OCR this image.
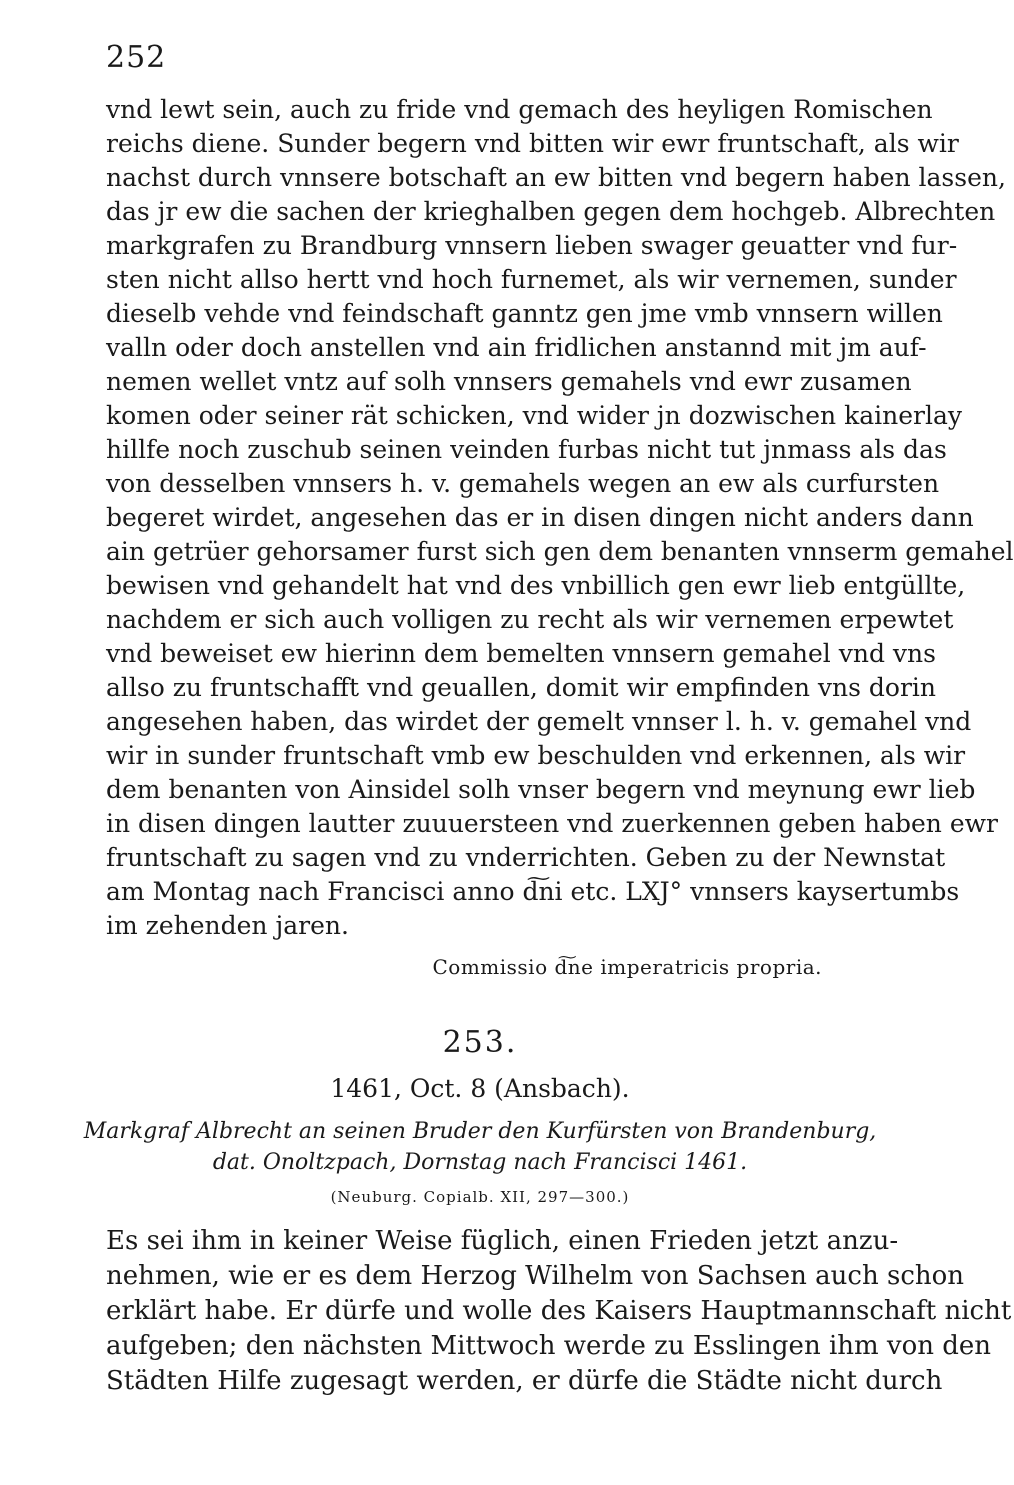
252
vnd lewt sein, auch zu fride vnd gemach des heyligen Romischen
reichs diene. Sunder begern vnd bitten wir ewr fruntschaft, als wir
nachst durch vnnsere botschaft an ew bitten vnd begern haben lassen,
das jr ew die sachen der krieghalben gegen dem hochgeb. Albrechten
markgrafen zu Brandburg vnnsern lieben swager geuatter vnd fur-
sten nicht allso hertt vnd hoch furnemet, als wir vernemen, sunder
dieselb vehde vnd feindschaft ganntz gen jme vmb vnnsern willen
valln oder doch anstellen vnd ain fridlichen anstannd mit jm auf-
nemen wellet vntz auf solh vnnsers gemahels vnd ewr zusamen
komen oder seiner rät schicken, vnd wider jn dozwischen kainerlay
hillfe noch zuschub seinen veinden furbas nicht tut jnmass als das
von desselben vnnsers h. v. gemahels wegen an ew als curfursten
begeret wirdet, angesehen das er in disen dingen nicht anders dann
ain getrüer gehorsamer furst sich gen dem benanten vnnserm gemahel
bewisen vnd gehandelt hat vnd des vnbillich gen ewr lieb entgüllte,
nachdem er sich auch volligen zu recht als wir vernemen erpewtet
vnd beweiset ew hierinn dem bemelten vnnsern gemahel vnd vns
allso zu fruntschafft vnd geuallen, domit wir empfinden vns dorin
angesehen haben, das wirdet der gemelt vnnser l. h. v. gemahel vnd
wir in sunder fruntschaft vmb ew beschulden vnd erkennen, als wir
dem benanten von Ainsidel solh vnser begern vnd meynung ewr lieb
in disen dingen lautter zuuuersteen vnd zuerkennen geben haben ewr
fruntschaft zu sagen vnd zu vnderrichten. Geben zu der Newnstat
am Montag nach Francisci anno d͠ni etc. LXJ° vnnsers kaysertumbs
im zehenden jaren.
Commissio d͠ne imperatricis propria.
253.
1461, Oct. 8 (Ansbach).
Markgraf Albrecht an seinen Bruder den Kurfürsten von Brandenburg,
dat. Onoltzpach, Dornstag nach Francisci 1461.
(Neuburg. Copialb. XII, 297—300.)
Es sei ihm in keiner Weise füglich, einen Frieden jetzt anzu-
nehmen, wie er es dem Herzog Wilhelm von Sachsen auch schon
erklärt habe. Er dürfe und wolle des Kaisers Hauptmannschaft nicht
aufgeben; den nächsten Mittwoch werde zu Esslingen ihm von den
Städten Hilfe zugesagt werden, er dürfe die Städte nicht durch
